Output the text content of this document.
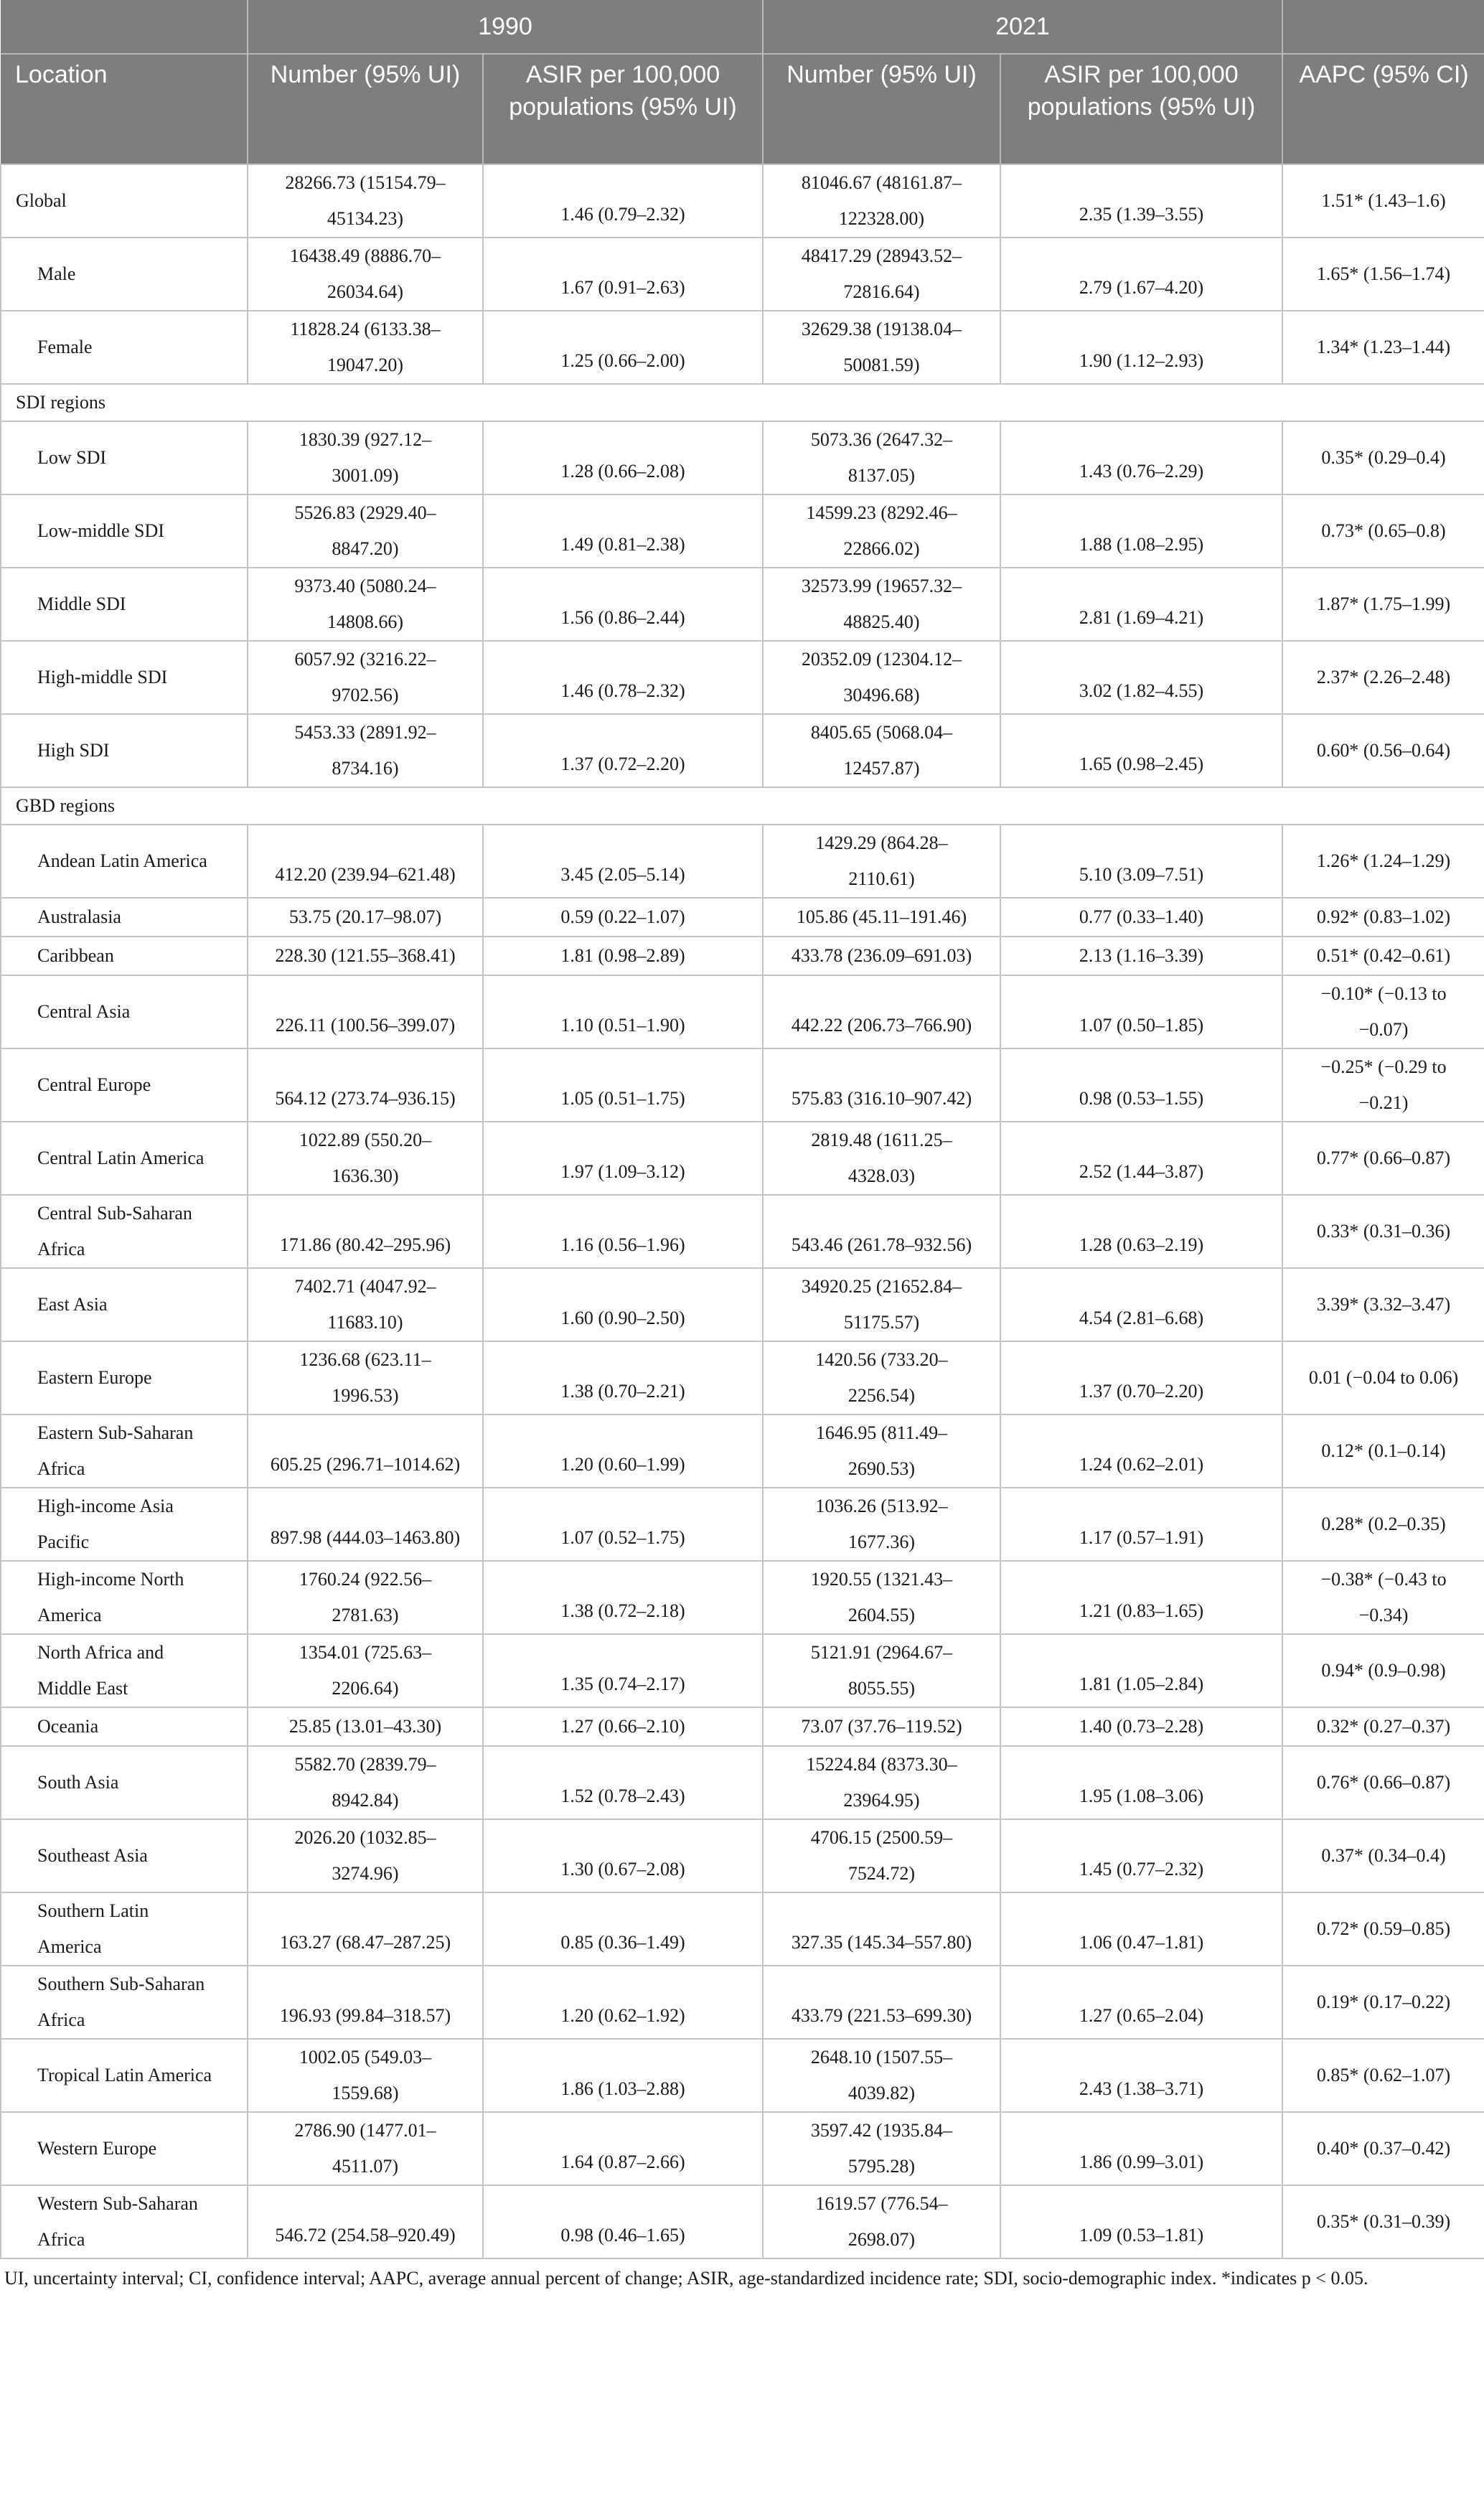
	1990		2021		
Location	Number (95% UI)	ASIR per 100,000 populations (95% UI)	Number (95% UI)	ASIR per 100,000 populations (95% UI)	AAPC (95% CI)
Global	28266.73 (15154.79–
45134.23)	1.46 (0.79–2.32)	81046.67 (48161.87–
122328.00)	2.35 (1.39–3.55)	1.51* (1.43–1.6)
Male	16438.49 (8886.70–
26034.64)	1.67 (0.91–2.63)	48417.29 (28943.52–
72816.64)	2.79 (1.67–4.20)	1.65* (1.56–1.74)
Female	11828.24 (6133.38–
19047.20)	1.25 (0.66–2.00)	32629.38 (19138.04–
50081.59)	1.90 (1.12–2.93)	1.34* (1.23–1.44)
SDI regions					
Low SDI	1830.39 (927.12–
3001.09)	1.28 (0.66–2.08)	5073.36 (2647.32–
8137.05)	1.43 (0.76–2.29)	0.35* (0.29–0.4)
Low-middle SDI	5526.83 (2929.40–
8847.20)	1.49 (0.81–2.38)	14599.23 (8292.46–
22866.02)	1.88 (1.08–2.95)	0.73* (0.65–0.8)
Middle SDI	9373.40 (5080.24–
14808.66)	1.56 (0.86–2.44)	32573.99 (19657.32–
48825.40)	2.81 (1.69–4.21)	1.87* (1.75–1.99)
High-middle SDI	6057.92 (3216.22–
9702.56)	1.46 (0.78–2.32)	20352.09 (12304.12–
30496.68)	3.02 (1.82–4.55)	2.37* (2.26–2.48)
High SDI	5453.33 (2891.92–
8734.16)	1.37 (0.72–2.20)	8405.65 (5068.04–
12457.87)	1.65 (0.98–2.45)	0.60* (0.56–0.64)
GBD regions					
Andean Latin America	412.20 (239.94–621.48)	3.45 (2.05–5.14)	1429.29 (864.28–
2110.61)	5.10 (3.09–7.51)	1.26* (1.24–1.29)
Australasia	53.75 (20.17–98.07)	0.59 (0.22–1.07)	105.86 (45.11–191.46)	0.77 (0.33–1.40)	0.92* (0.83–1.02)
Caribbean	228.30 (121.55–368.41)	1.81 (0.98–2.89)	433.78 (236.09–691.03)	2.13 (1.16–3.39)	0.51* (0.42–0.61)
Central Asia	226.11 (100.56–399.07)	1.10 (0.51–1.90)	442.22 (206.73–766.90)	1.07 (0.50–1.85)	−0.10* (−0.13 to
−0.07)

Central Europe	564.12 (273.74–936.15)	1.05 (0.51–1.75)	575.83 (316.10–907.42)	0.98 (0.53–1.55)	−0.25* (−0.29 to
−0.21)

Central Latin America	1022.89 (550.20–
1636.30)	1.97 (1.09–3.12)	2819.48 (1611.25–
4328.03)	2.52 (1.44–3.87)	0.77* (0.66–0.87)

Central Sub-Saharan
Africa	171.86 (80.42–295.96)	1.16 (0.56–1.96)	543.46 (261.78–932.56)	1.28 (0.63–2.19)	0.33* (0.31–0.36)
East Asia	7402.71 (4047.92–
11683.10)	1.60 (0.90–2.50)	34920.25 (21652.84–
51175.57)	4.54 (2.81–6.68)	3.39* (3.32–3.47)
Eastern Europe	1236.68 (623.11–
1996.53)	1.38 (0.70–2.21)	1420.56 (733.20–
2256.54)	1.37 (0.70–2.20)	0.01 (−0.04 to 0.06)

Eastern Sub-Saharan
Africa	605.25 (296.71–1014.62)	1.20 (0.60–1.99)	1646.95 (811.49–
2690.53)	1.24 (0.62–2.01)	0.12* (0.1–0.14)

High-income Asia
Pacific	897.98 (444.03–1463.80)	1.07 (0.52–1.75)	1036.26 (513.92–
1677.36)	1.17 (0.57–1.91)	0.28* (0.2–0.35)

High-income North
America	1760.24 (922.56–
2781.63)	1.38 (0.72–2.18)	1920.55 (1321.43–
2604.55)	1.21 (0.83–1.65)	−0.38* (−0.43 to
−0.34)

North Africa and
Middle East	1354.01 (725.63–
2206.64)	1.35 (0.74–2.17)	5121.91 (2964.67–
8055.55)	1.81 (1.05–2.84)	0.94* (0.9–0.98)
Oceania	25.85 (13.01–43.30)	1.27 (0.66–2.10)	73.07 (37.76–119.52)	1.40 (0.73–2.28)	0.32* (0.27–0.37)
South Asia	5582.70 (2839.79–
8942.84)	1.52 (0.78–2.43)	15224.84 (8373.30–
23964.95)	1.95 (1.08–3.06)	0.76* (0.66–0.87)
Southeast Asia	2026.20 (1032.85–
3274.96)	1.30 (0.67–2.08)	4706.15 (2500.59–
7524.72)	1.45 (0.77–2.32)	0.37* (0.34–0.4)

Southern Latin
America	163.27 (68.47–287.25)	0.85 (0.36–1.49)	327.35 (145.34–557.80)	1.06 (0.47–1.81)	0.72* (0.59–0.85)

Southern Sub-Saharan
Africa	196.93 (99.84–318.57)	1.20 (0.62–1.92)	433.79 (221.53–699.30)	1.27 (0.65–2.04)	0.19* (0.17–0.22)
Tropical Latin America	1002.05 (549.03–
1559.68)	1.86 (1.03–2.88)	2648.10 (1507.55–
4039.82)	2.43 (1.38–3.71)	0.85* (0.62–1.07)
Western Europe	2786.90 (1477.01–
4511.07)	1.64 (0.87–2.66)	3597.42 (1935.84–
5795.28)	1.86 (0.99–3.01)	0.40* (0.37–0.42)

Western Sub-Saharan
Africa	546.72 (254.58–920.49)	0.98 (0.46–1.65)	1619.57 (776.54–
2698.07)	1.09 (0.53–1.81)	0.35* (0.31–0.39)
UI, uncertainty interval; CI, confidence interval; AAPC, average annual percent of change; ASIR, age-standardized incidence rate; SDI, socio-demographic index. *indicates p < 0.05.
